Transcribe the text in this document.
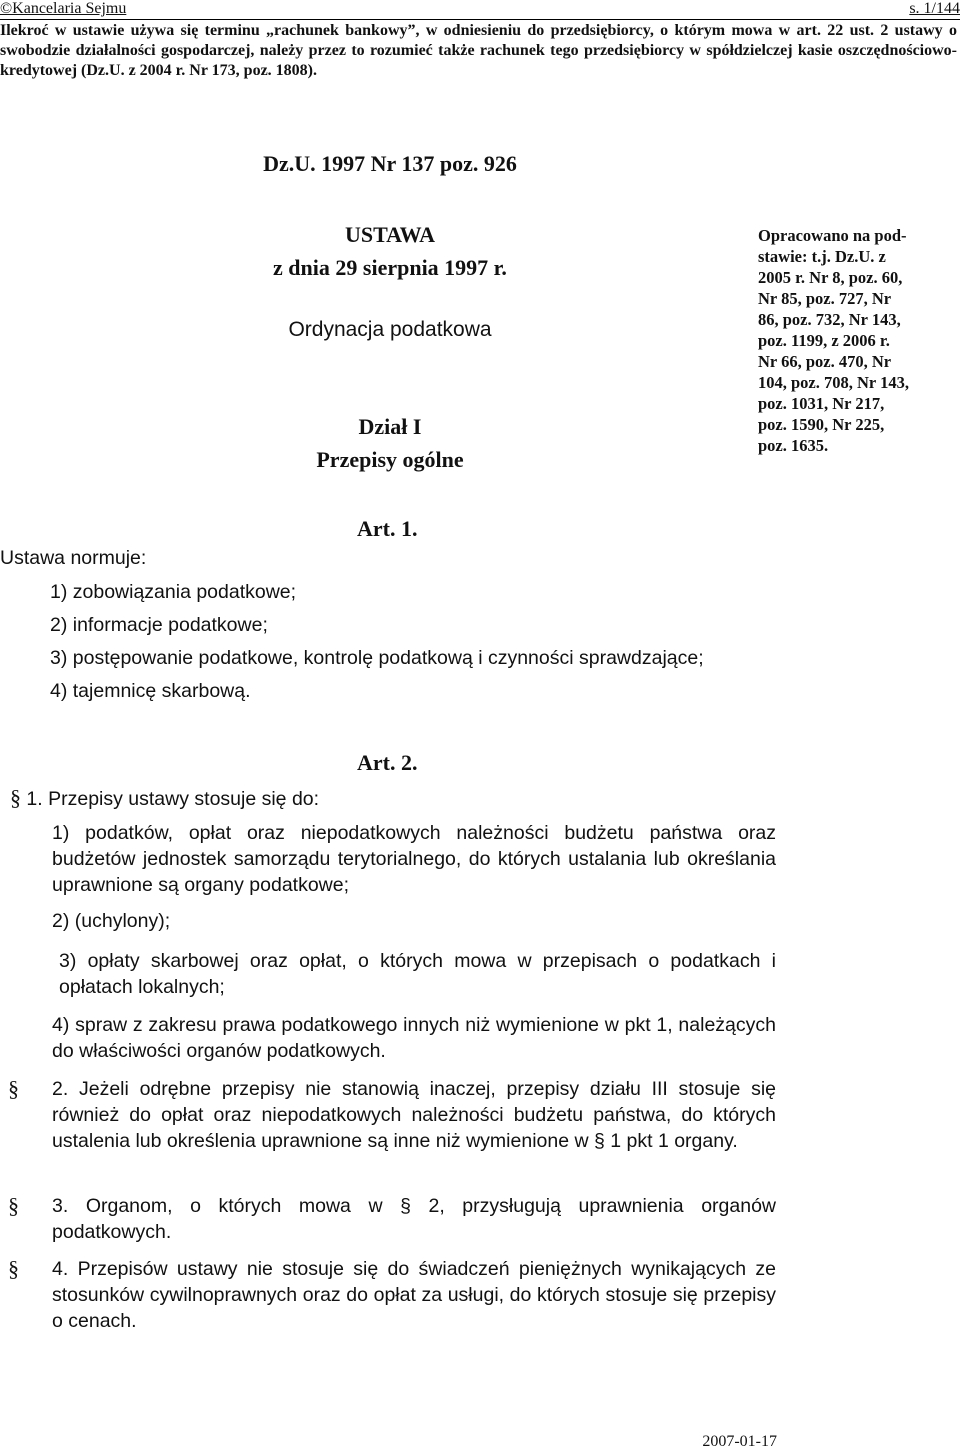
©Kancelaria Sejmu	s. 1/144
Ilekroć w ustawie używa się terminu „rachunek bankowy”, w odniesieniu do przedsiębiorcy, o którym mowa w art. 22 ust. 2 ustawy o swobodzie działalności gospodarczej, należy przez to rozumieć także rachunek tego przedsiębiorcy w spółdzielczej kasie oszczędnościowo-kredytowej (Dz.U. z 2004 r. Nr 173, poz. 1808).
Dz.U. 1997 Nr 137 poz. 926
USTAWA
z dnia 29 sierpnia 1997 r.
Ordynacja podatkowa
Dział I
Przepisy ogólne
Opracowano na pod-
stawie: t.j. Dz.U. z
2005 r. Nr 8, poz. 60,
Nr 85, poz. 727, Nr
86, poz. 732, Nr 143,
poz. 1199, z 2006 r.
Nr 66, poz. 470, Nr
104, poz. 708, Nr 143,
poz. 1031, Nr 217,
poz. 1590, Nr 225,
poz. 1635.
Art. 1.
Ustawa normuje:
1) zobowiązania podatkowe;
2) informacje podatkowe;
3) postępowanie podatkowe, kontrolę podatkową i czynności sprawdzające;
4) tajemnicę skarbową.
Art. 2.
§ 1. Przepisy ustawy stosuje się do:
1) podatków, opłat oraz niepodatkowych należności budżetu państwa oraz budżetów jednostek samorządu terytorialnego, do których ustalania lub określania uprawnione są organy podatkowe;
2) (uchylony);
3) opłaty skarbowej oraz opłat, o których mowa w przepisach o podatkach i opłatach lokalnych;
4) spraw z zakresu prawa podatkowego innych niż wymienione w pkt 1, należących do właściwości organów podatkowych.
§ 2. Jeżeli odrębne przepisy nie stanowią inaczej, przepisy działu III stosuje się również do opłat oraz niepodatkowych należności budżetu państwa, do których ustalenia lub określenia uprawnione są inne niż wymienione w § 1 pkt 1 organy.
§ 3. Organom, o których mowa w § 2, przysługują uprawnienia organów podatkowych.
§ 4. Przepisów ustawy nie stosuje się do świadczeń pieniężnych wynikających ze stosunków cywilnoprawnych oraz do opłat za usługi, do których stosuje się przepisy o cenach.
2007-01-17
